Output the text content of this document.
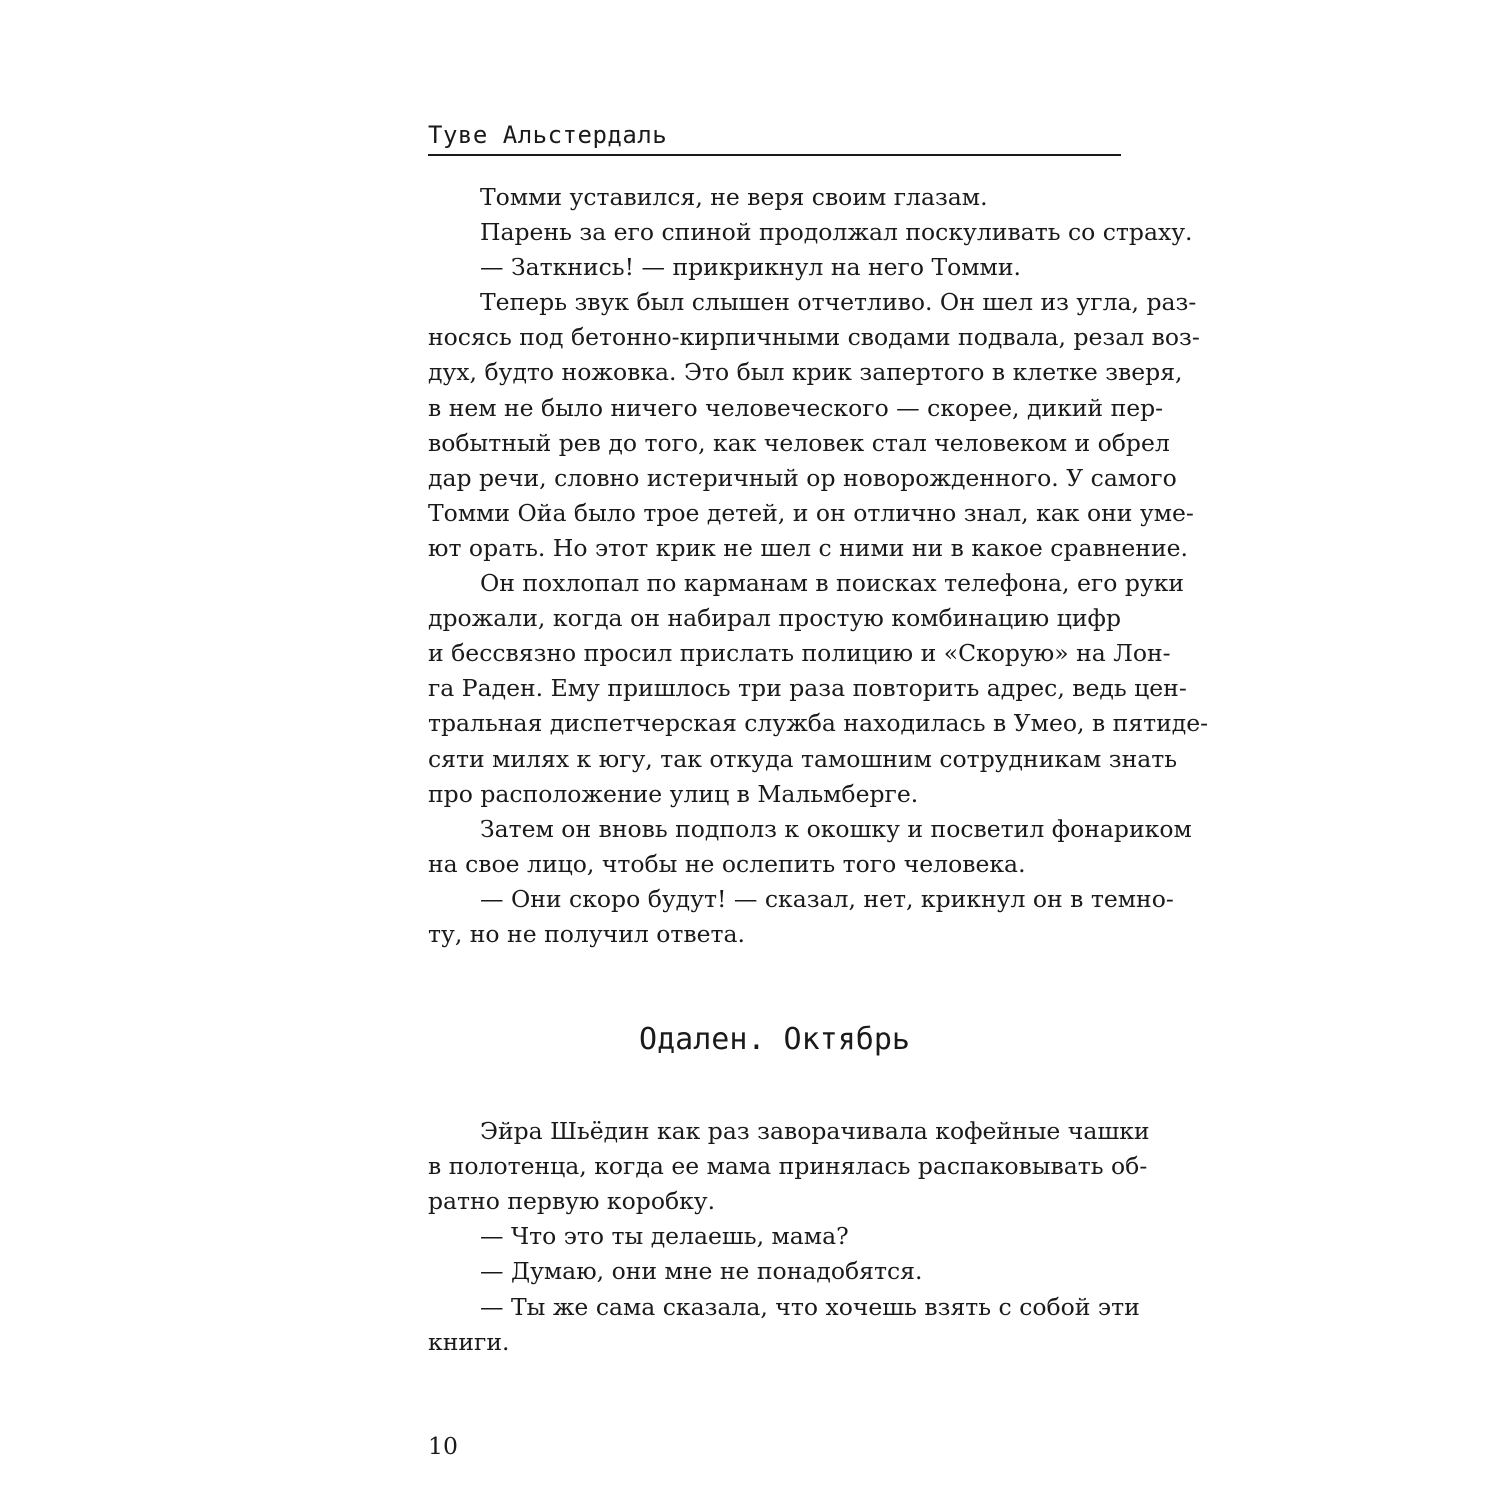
Туве Альстердаль
Томми уставился, не веря своим глазам.
Парень за его спиной продолжал поскуливать со страху.
— Заткнись! — прикрикнул на него Томми.
Теперь звук был слышен отчетливо. Он шел из угла, раз-
носясь под бетонно-кирпичными сводами подвала, резал воз-
дух, будто ножовка. Это был крик запертого в клетке зверя,
в нем не было ничего человеческого — скорее, дикий пер-
вобытный рев до того, как человек стал человеком и обрел
дар речи, словно истеричный ор новорожденного. У самого
Томми Ойа было трое детей, и он отлично знал, как они уме-
ют орать. Но этот крик не шел с ними ни в какое сравнение.
Он похлопал по карманам в поисках телефона, его руки
дрожали, когда он набирал простую комбинацию цифр
и бессвязно просил прислать полицию и «Скорую» на Лон-
га Раден. Ему пришлось три раза повторить адрес, ведь цен-
тральная диспетчерская служба находилась в Умео, в пятиде-
сяти милях к югу, так откуда тамошним сотрудникам знать
про расположение улиц в Мальмберге.
Затем он вновь подполз к окошку и посветил фонариком
на свое лицо, чтобы не ослепить того человека.
— Они скоро будут! — сказал, нет, крикнул он в темно-
ту, но не получил ответа.
Одален. Октябрь
Эйра Шьёдин как раз заворачивала кофейные чашки
в полотенца, когда ее мама принялась распаковывать об-
ратно первую коробку.
— Что это ты делаешь, мама?
— Думаю, они мне не понадобятся.
— Ты же сама сказала, что хочешь взять с собой эти
книги.
10
